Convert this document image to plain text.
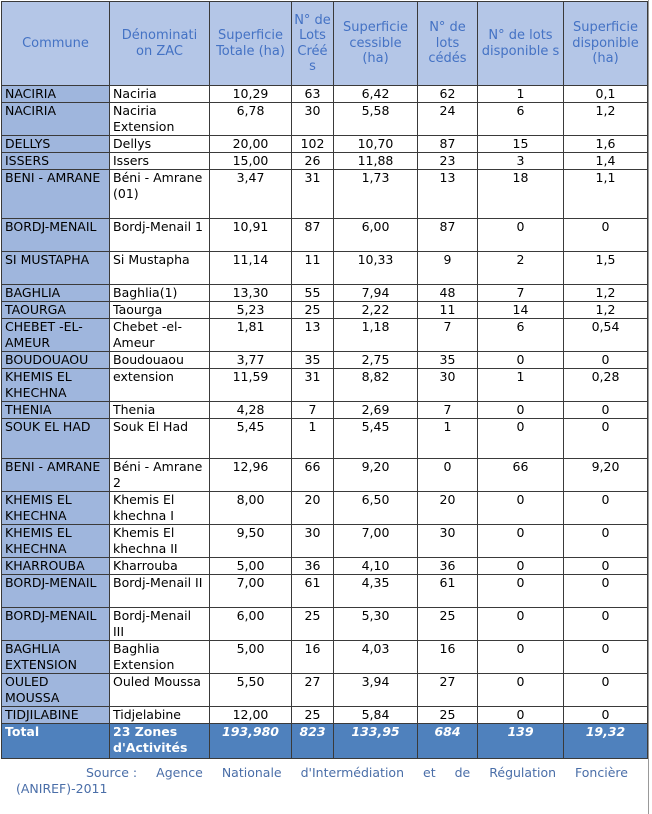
Commune	Dénominati on ZAC	Superficie Totale (ha)	N° de Lots Créé s	Superficie cessible (ha)	N° de lots cédés	N° de lots disponible s	Superficie disponible (ha)
NACIRIA	Naciria	10,29	63	6,42	62	1	0,1
NACIRIA	Naciria Extension	6,78	30	5,58	24	6	1,2
DELLYS	Dellys	20,00	102	10,70	87	15	1,6
ISSERS	Issers	15,00	26	11,88	23	3	1,4
BENI - AMRANE	Béni - Amrane (01)	3,47	31	1,73	13	18	1,1
BORDJ-MENAIL	Bordj-Menail 1	10,91	87	6,00	87	0	0
SI MUSTAPHA	Si Mustapha	11,14	11	10,33	9	2	1,5
BAGHLIA	Baghlia(1)	13,30	55	7,94	48	7	1,2
TAOURGA	Taourga	5,23	25	2,22	11	14	1,2
CHEBET -EL-AMEUR	Chebet -el-Ameur	1,81	13	1,18	7	6	0,54
BOUDOUAOU	Boudouaou	3,77	35	2,75	35	0	0
KHEMIS EL KHECHNA	extension	11,59	31	8,82	30	1	0,28
THENIA	Thenia	4,28	7	2,69	7	0	0
SOUK EL HAD	Souk El Had	5,45	1	5,45	1	0	0
BENI - AMRANE	Béni - Amrane 2	12,96	66	9,20	0	66	9,20
KHEMIS EL KHECHNA	Khemis El khechna I	8,00	20	6,50	20	0	0
KHEMIS EL KHECHNA	Khemis El khechna II	9,50	30	7,00	30	0	0
KHARROUBA	Kharrouba	5,00	36	4,10	36	0	0
BORDJ-MENAIL	Bordj-Menail II	7,00	61	4,35	61	0	0
BORDJ-MENAIL	Bordj-Menail III	6,00	25	5,30	25	0	0
BAGHLIA EXTENSION	Baghlia Extension	5,00	16	4,03	16	0	0
OULED MOUSSA	Ouled Moussa	5,50	27	3,94	27	0	0
TIDJILABINE	Tidjelabine	12,00	25	5,84	25	0	0
Total	23 Zones d'Activités	193,980	823	133,95	684	139	19,32
Source : Agence Nationale d'Intermédiation et de Régulation Foncière
(ANIREF)-2011
